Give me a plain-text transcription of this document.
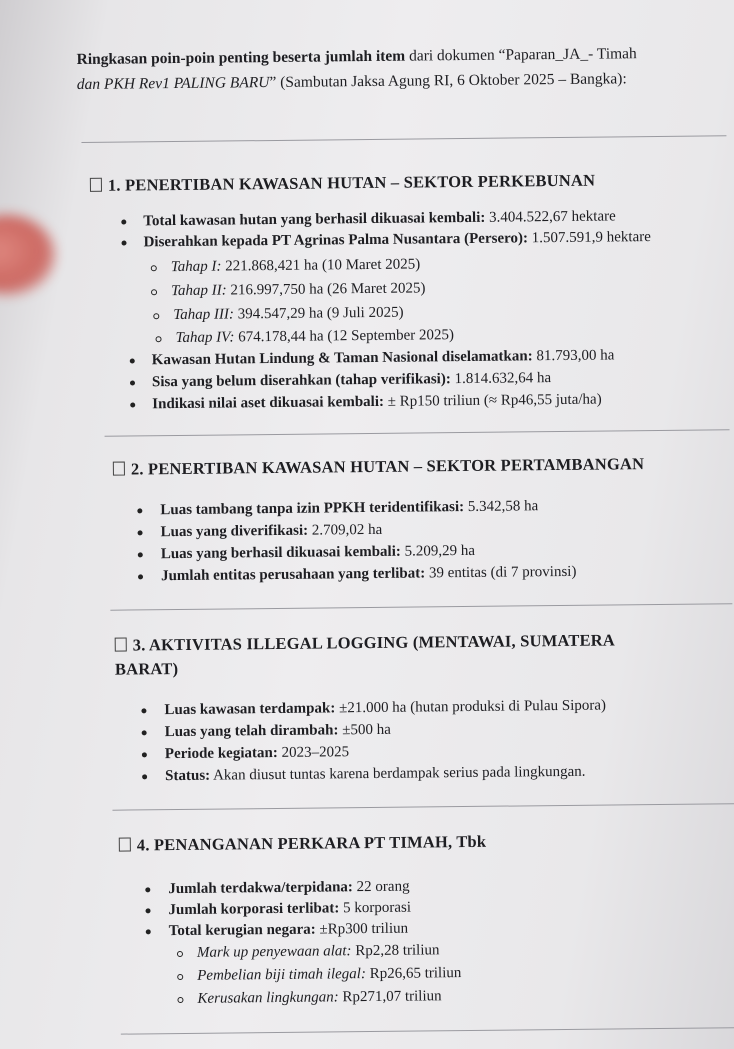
Ringkasan poin-poin penting beserta jumlah item dari dokumen “Paparan_JA_- Timah
dan PKH Rev1 PALING BARU” (Sambutan Jaksa Agung RI, 6 Oktober 2025 – Bangka):
1. PENERTIBAN KAWASAN HUTAN – SEKTOR PERKEBUNAN
Total kawasan hutan yang berhasil dikuasai kembali: 3.404.522,67 hektare
Diserahkan kepada PT Agrinas Palma Nusantara (Persero): 1.507.591,9 hektare
Tahap I: 221.868,421 ha (10 Maret 2025)
Tahap II: 216.997,750 ha (26 Maret 2025)
Tahap III: 394.547,29 ha (9 Juli 2025)
Tahap IV: 674.178,44 ha (12 September 2025)
Kawasan Hutan Lindung & Taman Nasional diselamatkan: 81.793,00 ha
Sisa yang belum diserahkan (tahap verifikasi): 1.814.632,64 ha
Indikasi nilai aset dikuasai kembali: ± Rp150 triliun (≈ Rp46,55 juta/ha)
2. PENERTIBAN KAWASAN HUTAN – SEKTOR PERTAMBANGAN
Luas tambang tanpa izin PPKH teridentifikasi: 5.342,58 ha
Luas yang diverifikasi: 2.709,02 ha
Luas yang berhasil dikuasai kembali: 5.209,29 ha
Jumlah entitas perusahaan yang terlibat: 39 entitas (di 7 provinsi)
3. AKTIVITAS ILLEGAL LOGGING (MENTAWAI, SUMATERA
BARAT)
Luas kawasan terdampak: ±21.000 ha (hutan produksi di Pulau Sipora)
Luas yang telah dirambah: ±500 ha
Periode kegiatan: 2023–2025
Status: Akan diusut tuntas karena berdampak serius pada lingkungan.
4. PENANGANAN PERKARA PT TIMAH, Tbk
Jumlah terdakwa/terpidana: 22 orang
Jumlah korporasi terlibat: 5 korporasi
Total kerugian negara: ±Rp300 triliun
Mark up penyewaan alat: Rp2,28 triliun
Pembelian biji timah ilegal: Rp26,65 triliun
Kerusakan lingkungan: Rp271,07 triliun
